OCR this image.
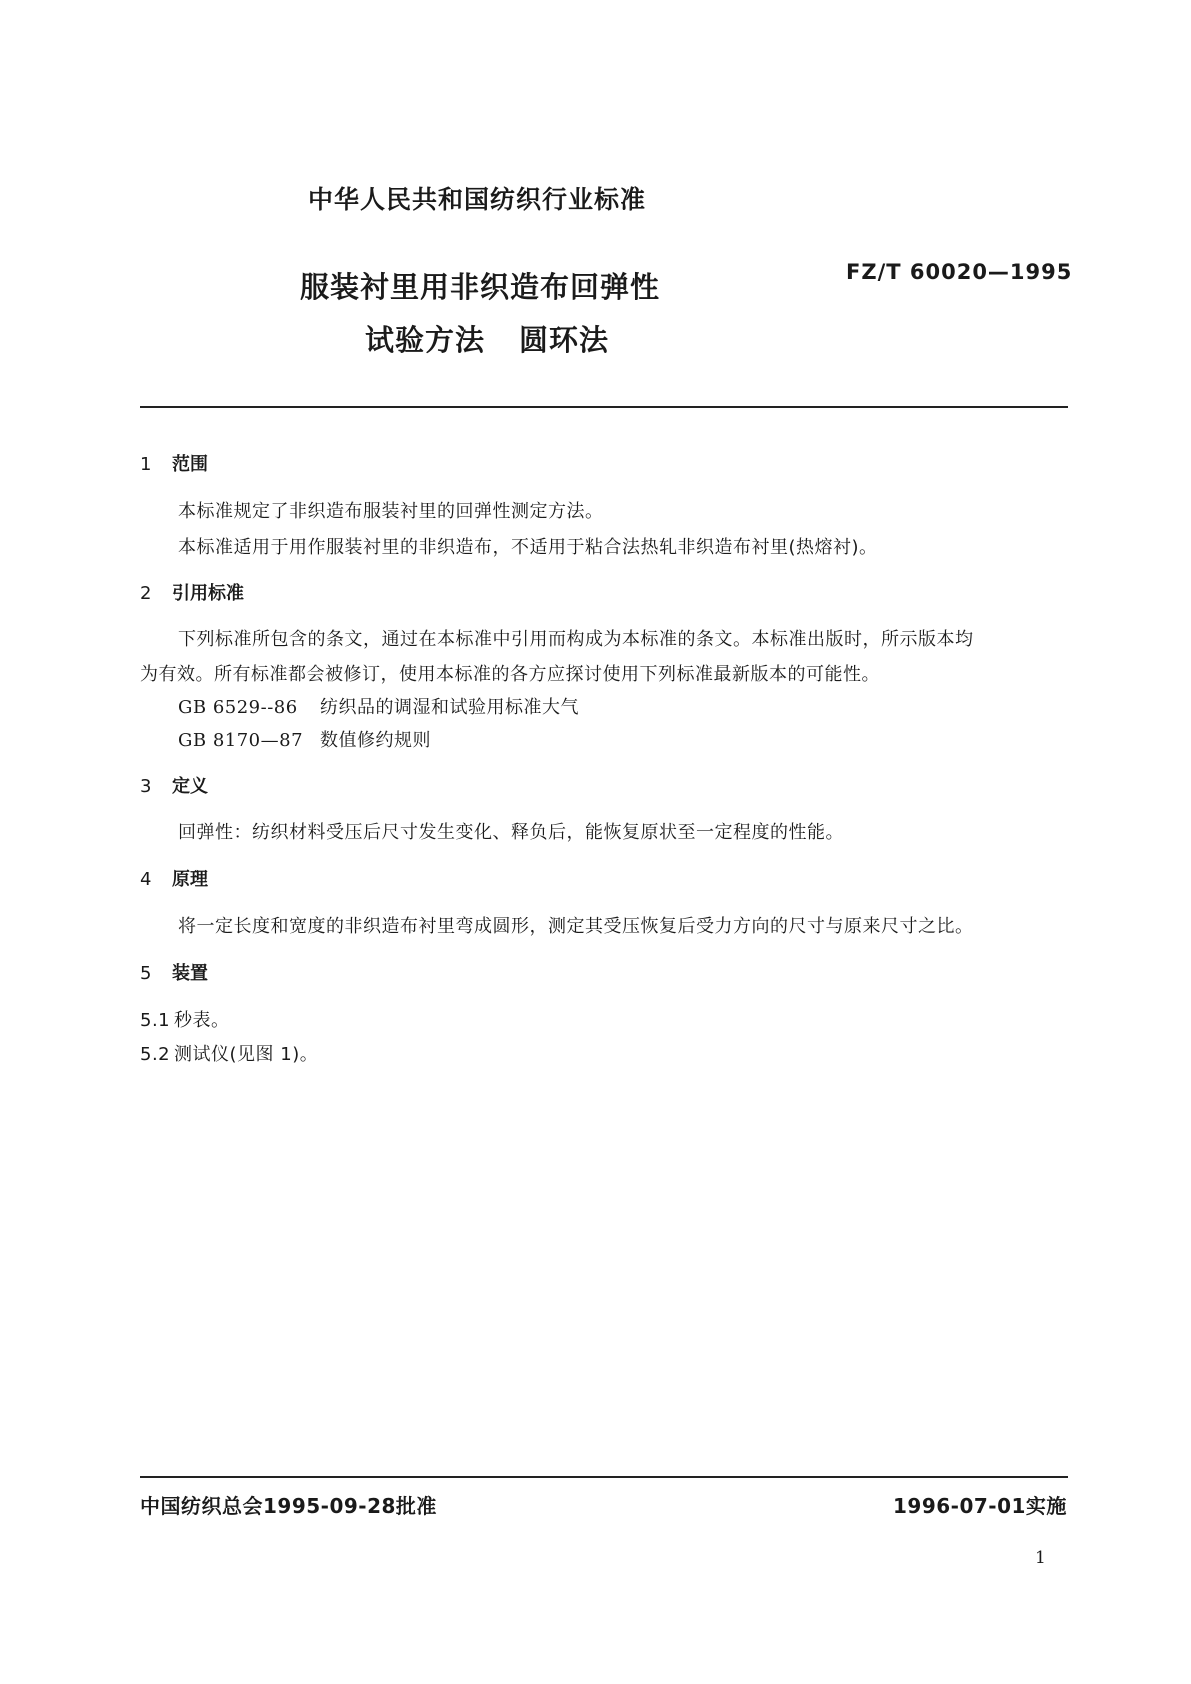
中华人民共和国纺织行业标准
服装衬里用非织造布回弹性
试验方法 圆环法
FZ/T 60020—1995
1 范围
本标准规定了非织造布服装衬里的回弹性测定方法。
本标准适用于用作服装衬里的非织造布，不适用于粘合法热轧非织造布衬里(热熔衬)。
2 引用标准
下列标准所包含的条文，通过在本标准中引用而构成为本标准的条文。本标准出版时，所示版本均
为有效。所有标准都会被修订，使用本标准的各方应探讨使用下列标准最新版本的可能性。
GB 6529--86 纺织品的调湿和试验用标准大气
GB 8170—87 数值修约规则
3 定义
回弹性：纺织材料受压后尺寸发生变化、释负后，能恢复原状至一定程度的性能。
4 原理
将一定长度和宽度的非织造布衬里弯成圆形，测定其受压恢复后受力方向的尺寸与原来尺寸之比。
5 装置
5.1 秒表。
5.2 测试仪(见图 1)。
中国纺织总会1995-09-28批准	1996-07-01实施
1
